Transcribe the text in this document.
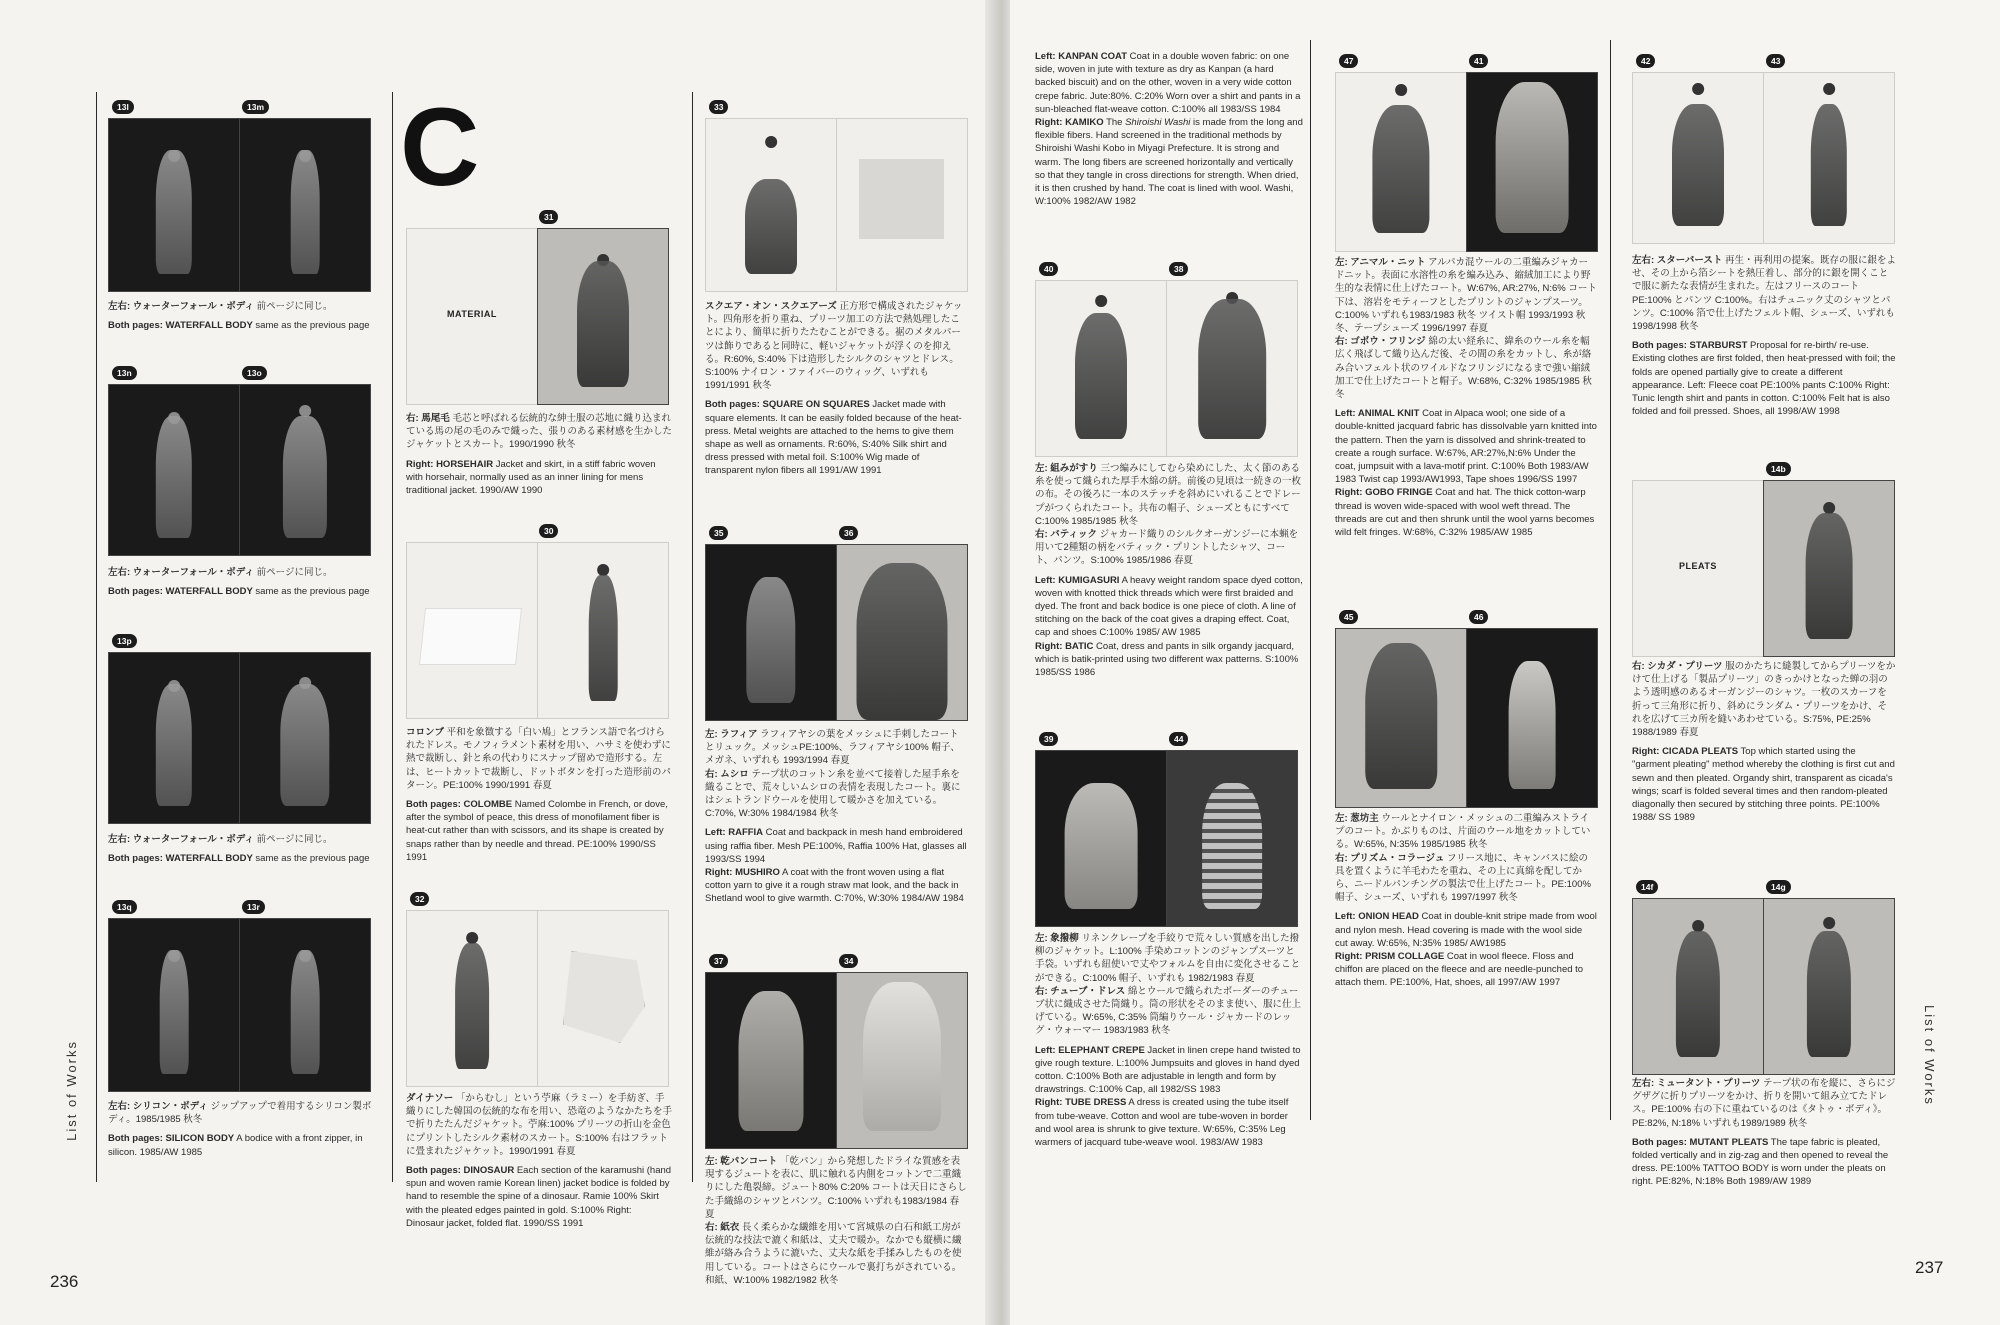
13l	13m

左右: ウォーターフォール・ボディ 前ページに同じ。

Both pages: WATERFALL BODY same as the previous page

13n	13o

左右: ウォーターフォール・ボディ 前ページに同じ。

Both pages: WATERFALL BODY same as the previous page

13p

左右: ウォーターフォール・ボディ 前ページに同じ。

Both pages: WATERFALL BODY same as the previous page

13q	13r

左右: シリコン・ボディ ジップアップで着用するシリコン製ボディ。1985/1985 秋冬

Both pages: SILICON BODY A bodice with a front zipper, in silicon. 1985/AW 1985

C
31
MATERIAL

右: 馬尾毛 毛芯と呼ばれる伝統的な紳士服の芯地に織り込まれている馬の尾の毛のみで織った、張りのある素材感を生かしたジャケットとスカート。1990/1990 秋冬

Right: HORSEHAIR Jacket and skirt, in a stiff fabric woven with horsehair, normally used as an inner lining for mens traditional jacket. 1990/AW 1990

30

コロンブ 平和を象徴する「白い鳩」とフランス語で名づけられたドレス。モノフィラメント素材を用い、ハサミを使わずに熱で裁断し、針と糸の代わりにスナップ留めで造形する。左は、ヒートカットで裁断し、ドットボタンを打った造形前のパターン。PE:100% 1990/1991 春夏

Both pages: COLOMBE Named Colombe in French, or dove, after the symbol of peace, this dress of monofilament fiber is heat-cut rather than with scissors, and its shape is created by snaps rather than by needle and thread. PE:100% 1990/SS 1991

32

ダイナソー 「からむし」という苧麻（ラミー）を手紡ぎ、手織りにした韓国の伝統的な布を用い、恐竜のようなかたちを手で折りたたんだジャケット。苧麻:100% プリーツの折山を金色にプリントしたシルク素材のスカート。S:100% 右はフラットに畳まれたジャケット。1990/1991 春夏

Both pages: DINOSAUR Each section of the karamushi (hand spun and woven ramie Korean linen) jacket bodice is folded by hand to resemble the spine of a dinosaur. Ramie 100% Skirt with the pleated edges painted in gold. S:100% Right: Dinosaur jacket, folded flat. 1990/SS 1991

33

スクエア・オン・スクエアーズ 正方形で構成されたジャケット。四角形を折り重ね、プリーツ加工の方法で熱処理したことにより、簡単に折りたたむことができる。裾のメタルパーツは飾りであると同時に、軽いジャケットが浮くのを抑える。R:60%, S:40% 下は造形したシルクのシャツとドレス。S:100% ナイロン・ファイバーのウィッグ、いずれも 1991/1991 秋冬

Both pages: SQUARE ON SQUARES Jacket made with square elements. It can be easily folded because of the heat-press. Metal weights are attached to the hems to give them shape as well as ornaments. R:60%, S:40% Silk shirt and dress pressed with metal foil. S:100% Wig made of transparent nylon fibers all 1991/AW 1991

35	36

左: ラフィア ラフィアヤシの葉をメッシュに手刺したコートとリュック。メッシュPE:100%、ラフィアヤシ100% 帽子、メガネ、いずれも 1993/1994 春夏
右: ムシロ テープ状のコットン糸を並べて接着した屋手糸を織ることで、荒々しいムシロの表情を表現したコート。裏にはシェトランドウールを使用して暖かさを加えている。C:70%, W:30% 1984/1984 秋冬

Left: RAFFIA Coat and backpack in mesh hand embroidered using raffia fiber. Mesh PE:100%, Raffia 100% Hat, glasses all 1993/SS 1994
Right: MUSHIRO A coat with the front woven using a flat cotton yarn to give it a rough straw mat look, and the back in Shetland wool to give warmth. C:70%, W:30% 1984/AW 1984

37	34

左: 乾パンコート 「乾パン」から発想したドライな質感を表現するジュートを表に、肌に触れる内側をコットンで二重織りにした亀裂締。ジュート80% C:20% コートは天日にさらした手織綿のシャツとパンツ。C:100% いずれも1983/1984 春夏
右: 紙衣 長く柔らかな繊維を用いて宮城県の白石和紙工房が伝統的な技法で漉く和紙は、丈夫で暖か。なかでも縦横に繊維が絡み合うように漉いた、丈夫な紙を手揉みしたものを使用している。コートはさらにウールで裏打ちがされている。和紙、W:100% 1982/1982 秋冬

List of Works
236

Left: KANPAN COAT Coat in a double woven fabric: on one side, woven in jute with texture as dry as Kanpan (a hard backed biscuit) and on the other, woven in a very wide cotton crepe fabric. Jute:80%. C:20% Worn over a shirt and pants in a sun-bleached flat-weave cotton. C:100% all 1983/SS 1984
Right: KAMIKO The Shiroishi Washi is made from the long and flexible fibers. Hand screened in the traditional methods by Shiroishi Washi Kobo in Miyagi Prefecture. It is strong and warm. The long fibers are screened horizontally and vertically so that they tangle in cross directions for strength. When dried, it is then crushed by hand. The coat is lined with wool. Washi, W:100% 1982/AW 1982

40	38

左: 組みがすり 三つ編みにしてむら染めにした、太く節のある糸を使って織られた厚手木綿の絣。前後の見頃は一続きの一枚の布。その後ろに一本のステッチを斜めにいれることでドレープがつくられたコート。共布の帽子、シューズともにすべて C:100% 1985/1985 秋冬
右: バティック ジャカード織りのシルクオーガンジーに本蝋を用いて2種類の柄をバティック・プリントしたシャツ、コート、パンツ。S:100% 1985/1986 春夏

Left: KUMIGASURI A heavy weight random space dyed cotton, woven with knotted thick threads which were first braided and dyed. The front and back bodice is one piece of cloth. A line of stitching on the back of the coat gives a draping effect. Coat, cap and shoes C:100% 1985/ AW 1985
Right: BATIC Coat, dress and pants in silk organdy jacquard, which is batik-printed using two different wax patterns. S:100% 1985/SS 1986

39	44

左: 象撥柳 リネンクレープを手絞りで荒々しい質感を出した撥柳のジャケット。L:100% 手染めコットンのジャンプスーツと手袋。いずれも紐使いで丈やフォルムを自由に変化させることができる。C:100% 帽子、いずれも 1982/1983 春夏
右: チューブ・ドレス 綿とウールで織られたボーダーのチューブ状に織成させた筒織り。筒の形状をそのまま使い、服に仕上げている。W:65%, C:35% 筒編りウール・ジャカードのレッグ・ウォーマー 1983/1983 秋冬

Left: ELEPHANT CREPE Jacket in linen crepe hand twisted to give rough texture. L:100% Jumpsuits and gloves in hand dyed cotton. C:100% Both are adjustable in length and form by drawstrings. C:100% Cap, all 1982/SS 1983
Right: TUBE DRESS A dress is created using the tube itself from tube-weave. Cotton and wool are tube-woven in border and wool area is shrunk to give texture. W:65%, C:35% Leg warmers of jacquard tube-weave wool. 1983/AW 1983

47	41

左: アニマル・ニット アルパカ混ウールの二重編みジャカードニット。表面に水溶性の糸を編み込み、縮絨加工により野生的な表情に仕上げたコート。W:67%, AR:27%, N:6% コート下は、溶岩をモティーフとしたプリントのジャンプスーツ。C:100% いずれも1983/1983 秋冬 ツイスト帽 1993/1993 秋冬、テープシューズ 1996/1997 春夏
右: ゴボウ・フリンジ 綿の太い経糸に、緯糸のウール糸を幅広く飛ばして織り込んだ後、その間の糸をカットし、糸が絡み合いフェルト状のワイルドなフリンジになるまで強い縮絨加工で仕上げたコートと帽子。W:68%, C:32% 1985/1985 秋冬

Left: ANIMAL KNIT Coat in Alpaca wool; one side of a double-knitted jacquard fabric has dissolvable yarn knitted into the pattern. Then the yarn is dissolved and shrink-treated to create a rough surface. W:67%, AR:27%,N:6% Under the coat, jumpsuit with a lava-motif print. C:100% Both 1983/AW 1983 Twist cap 1993/AW1993, Tape shoes 1996/SS 1997
Right: GOBO FRINGE Coat and hat. The thick cotton-warp thread is woven wide-spaced with wool weft thread. The threads are cut and then shrunk until the wool yarns becomes wild felt fringes. W:68%, C:32% 1985/AW 1985

45	46

左: 葱坊主 ウールとナイロン・メッシュの二重編みストライプのコート。かぶりものは、片面のウール地をカットしている。W:65%, N:35% 1985/1985 秋冬
右: プリズム・コラージュ フリース地に、キャンバスに絵の具を置くように羊毛わたを重ね、その上に真綿を配してから、ニードルパンチングの製法で仕上げたコート。PE:100% 帽子、シューズ、いずれも 1997/1997 秋冬

Left: ONION HEAD Coat in double-knit stripe made from wool and nylon mesh. Head covering is made with the wool side cut away. W:65%, N:35% 1985/ AW1985
Right: PRISM COLLAGE Coat in wool fleece. Floss and chiffon are placed on the fleece and are needle-punched to attach them. PE:100%, Hat, shoes, all 1997/AW 1997

42	43

左右: スターバースト 再生・再利用の提案。既存の服に銀をよせ、その上から箔シートを熱圧着し、部分的に銀を開くことで服に新たな表情が生まれた。左はフリースのコート PE:100% とパンツ C:100%。右はチュニック丈のシャツとパンツ。C:100% 箔で仕上げたフェルト帽、シューズ、いずれも 1998/1998 秋冬

Both pages: STARBURST Proposal for re-birth/ re-use. Existing clothes are first folded, then heat-pressed with foil; the folds are opened partially give to create a different appearance. Left: Fleece coat PE:100% pants C:100% Right: Tunic length shirt and pants in cotton. C:100% Felt hat is also folded and foil pressed. Shoes, all 1998/AW 1998

14b
PLEATS

右: シカダ・プリーツ 服のかたちに縫製してからプリーツをかけて仕上げる「製品プリーツ」のきっかけとなった蝉の羽のよう透明感のあるオーガンジーのシャツ。一枚のスカーフを折って三角形に折り、斜めにランダム・プリーツをかけ、それを広げて三カ所を縫いあわせている。S:75%, PE:25% 1988/1989 春夏

Right: CICADA PLEATS Top which started using the "garment pleating" method whereby the clothing is first cut and sewn and then pleated. Organdy shirt, transparent as cicada's wings; scarf is folded several times and then random-pleated diagonally then secured by stitching three points. PE:100% 1988/ SS 1989

14f	14g

左右: ミュータント・プリーツ テープ状の布を縦に、さらにジグザグに折りプリーツをかけ、折りを開いて組み立てたドレス。PE:100% 右の下に重ねているのは《タトゥ・ボディ》。PE:82%, N:18% いずれも1989/1989 秋冬

Both pages: MUTANT PLEATS The tape fabric is pleated, folded vertically and in zig-zag and then opened to reveal the dress. PE:100% TATTOO BODY is worn under the pleats on right. PE:82%, N:18% Both 1989/AW 1989

List of Works
237
